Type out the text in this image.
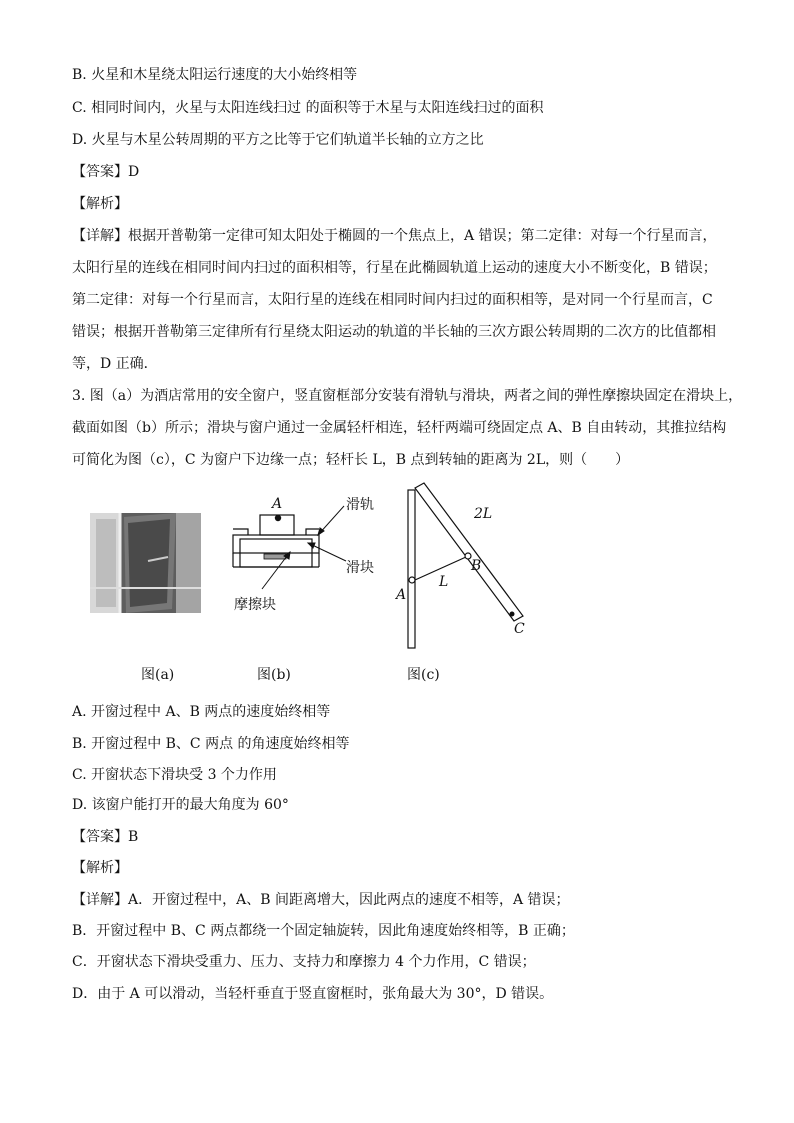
B. 火星和木星绕太阳运行速度的大小始终相等
C. 相同时间内，火星与太阳连线扫过 的面积等于木星与太阳连线扫过的面积
D. 火星与木星公转周期的平方之比等于它们轨道半长轴的立方之比
【答案】D
【解析】
【详解】根据开普勒第一定律可知太阳处于椭圆的一个焦点上，A 错误；第二定律：对每一个行星而言，
太阳行星的连线在相同时间内扫过的面积相等，行星在此椭圆轨道上运动的速度大小不断变化，B 错误；
第二定律：对每一个行星而言，太阳行星的连线在相同时间内扫过的面积相等，是对同一个行星而言，C
错误；根据开普勒第三定律所有行星绕太阳运动的轨道的半长轴的三次方跟公转周期的二次方的比值都相
等，D 正确．
3. 图（a）为酒店常用的安全窗户，竖直窗框部分安装有滑轨与滑块，两者之间的弹性摩擦块固定在滑块上，
截面如图（b）所示；滑块与窗户通过一金属轻杆相连，轻杆两端可绕固定点 A、B 自由转动，其推拉结构
可简化为图（c），C 为窗户下边缘一点；轻杆长 L，B 点到转轴的距离为 2L，则（　　）
A	滑轨
滑块
摩擦块
2L
B
L
A
C
图(a)	图(b)	图(c)
A. 开窗过程中 A、B 两点的速度始终相等
B. 开窗过程中 B、C 两点 的角速度始终相等
C. 开窗状态下滑块受 3 个力作用
D. 该窗户能打开的最大角度为 60°
【答案】B
【解析】
【详解】A．开窗过程中，A、B 间距离增大，因此两点的速度不相等，A 错误；
B．开窗过程中 B、C 两点都绕一个固定轴旋转，因此角速度始终相等，B 正确；
C．开窗状态下滑块受重力、压力、支持力和摩擦力 4 个力作用，C 错误；
D．由于 A 可以滑动，当轻杆垂直于竖直窗框时，张角最大为 30°，D 错误。
